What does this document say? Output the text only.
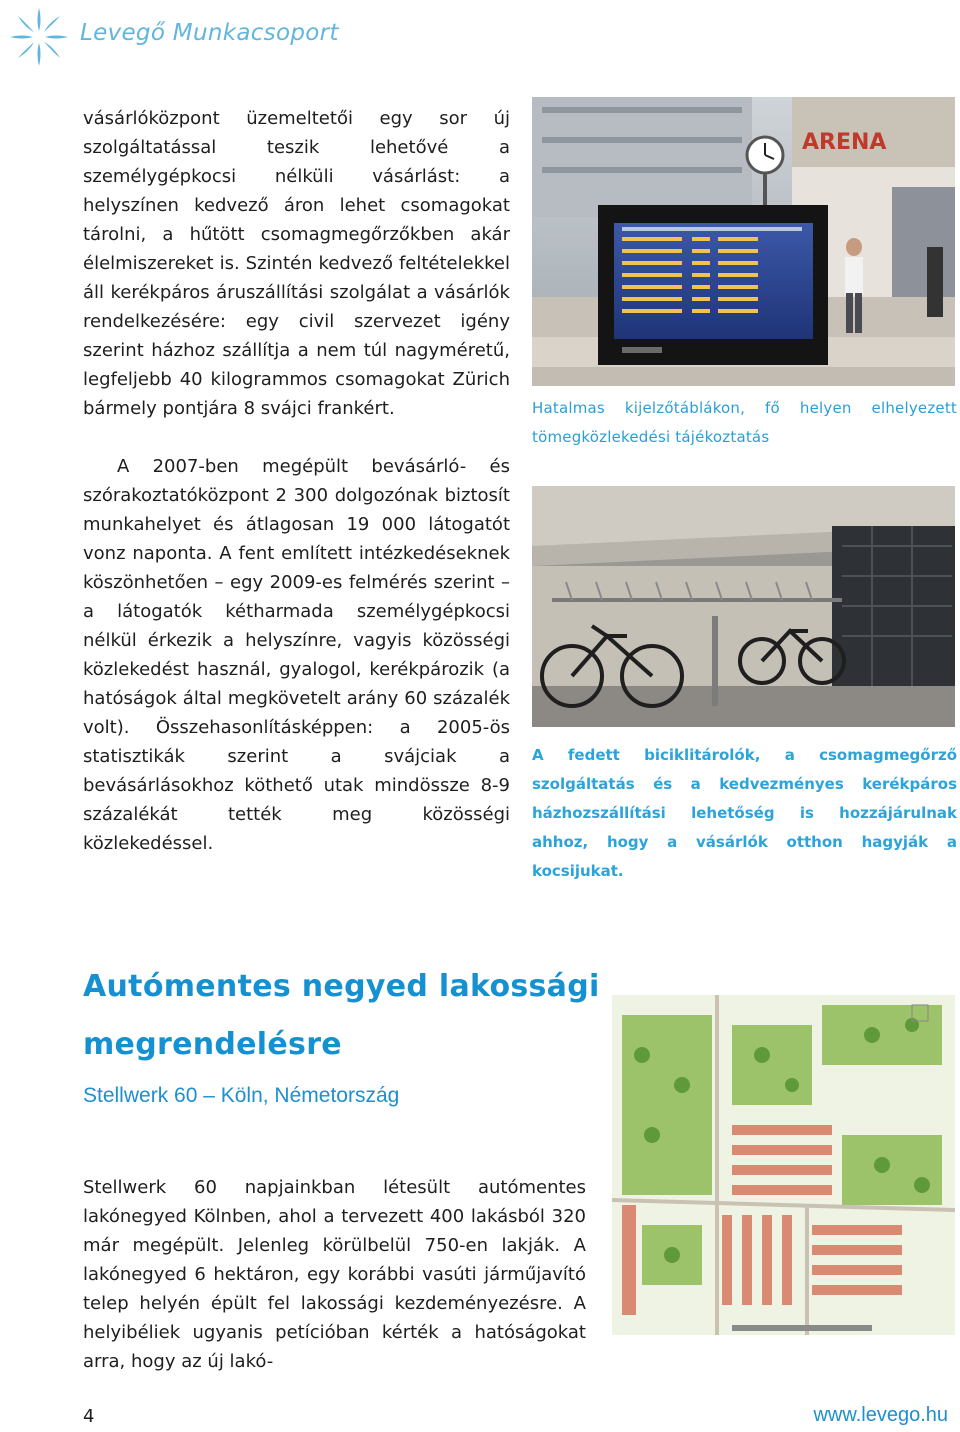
Levegő Munkacsoport
vásárlóközpont üzemeltetői egy sor új szolgáltatással teszik lehetővé a személygépkocsi nélküli vásárlást: a helyszínen kedvező áron lehet csomagokat tárolni, a hűtött csomagmegőrzőkben akár élelmiszereket is. Szintén kedvező feltételekkel áll kerékpáros áruszállítási szolgálat a vásárlók rendelkezésére: egy civil szervezet igény szerint házhoz szállítja a nem túl nagyméretű, legfeljebb 40 kilogrammos csomagokat Zürich bármely pontjára 8 svájci frankért.
A 2007-ben megépült bevásárló- és szórakoztatóközpont 2 300 dolgozónak biztosít munkahelyet és átlagosan 19 000 látogatót vonz naponta. A fent említett intézkedéseknek köszönhetően – egy 2009-es felmérés szerint – a látogatók kétharmada személygépkocsi nélkül érkezik a helyszínre, vagyis közösségi közlekedést használ, gyalogol, kerékpározik (a hatóságok által megkövetelt arány 60 százalék volt). Összehasonlításképpen: a 2005-ös statisztikák szerint a svájciak a bevásárlásokhoz köthető utak mindössze 8-9 százalékát tették meg közösségi közlekedéssel.
ARENA
Hatalmas kijelzőtáblákon, fő helyen elhelyezett tömegközlekedési tájékoztatás
A fedett biciklitárolók, a csomagmegőrző szolgáltatás és a kedvezményes kerékpáros házhozszállítási lehetőség is hozzájárulnak ahhoz, hogy a vásárlók otthon hagyják a kocsijukat.
Autómentes negyed lakossági megrendelésre
Stellwerk 60 – Köln, Németország
Stellwerk 60 napjainkban létesült autómentes lakónegyed Kölnben, ahol a tervezett 400 lakásból 320 már megépült. Jelenleg körülbelül 750-en lakják. A lakónegyed 6 hektáron, egy korábbi vasúti járműjavító telep helyén épült fel lakossági kezdeményezésre. A helyibéliek ugyanis petícióban kérték a hatóságokat arra, hogy az új lakó-
4	www.levego.hu
